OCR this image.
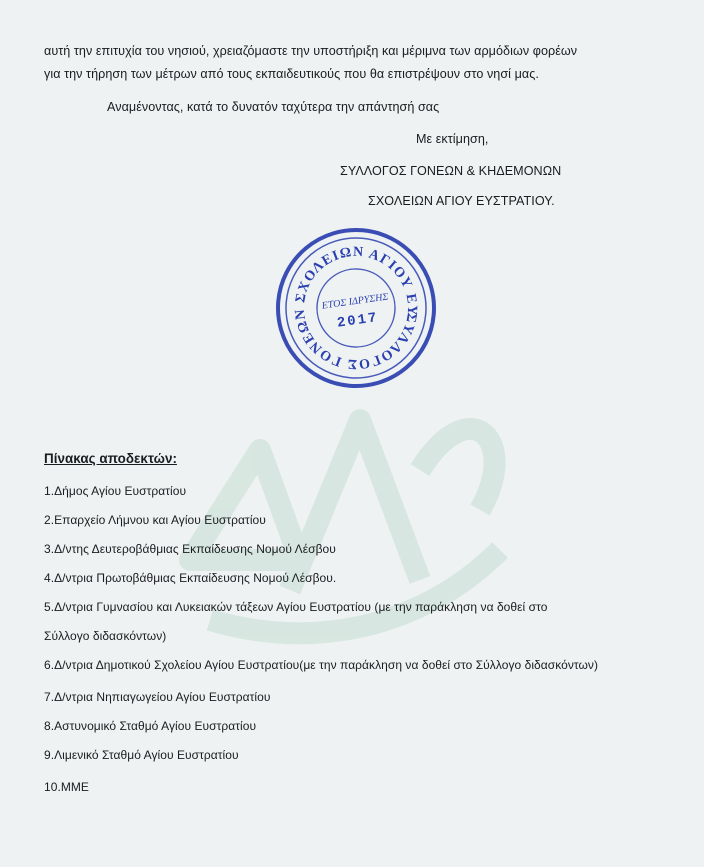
αυτή την επιτυχία του νησιού, χρειαζόμαστε την υποστήριξη και μέριμνα των αρμόδιων φορέων
για την τήρηση των μέτρων από τους εκπαιδευτικούς που θα επιστρέψουν στο νησί μας.
Αναμένοντας, κατά το δυνατόν ταχύτερα την απάντησή σας
Με εκτίμηση,
ΣΥΛΛΟΓΟΣ ΓΟΝΕΩΝ & ΚΗΔΕΜΟΝΩΝ
ΣΧΟΛΕΙΩΝ ΑΓΙΟΥ ΕΥΣΤΡΑΤΙΟΥ.
ΣΥΛΛΟΓΟΣ ΓΟΝΕΩΝ ΣΧΟΛΕΙΩΝ ΑΓΙΟΥ ΕΥΣΤΡΑΤΙΟΥ
ΕΤΟΣ ΙΔΡΥΣΗΣ
2017
Πίνακας αποδεκτών:
1.Δήμος Αγίου Ευστρατίου
2.Επαρχείο Λήμνου και Αγίου Ευστρατίου
3.Δ/ντης Δευτεροβάθμιας Εκπαίδευσης Νομού Λέσβου
4.Δ/ντρια Πρωτοβάθμιας Εκπαίδευσης Νομού Λέσβου.
5.Δ/ντρια Γυμνασίου και Λυκειακών τάξεων Αγίου Ευστρατίου (με την παράκληση να δοθεί στο
Σύλλογο διδασκόντων)
6.Δ/ντρια Δημοτικού Σχολείου Αγίου Ευστρατίου(με την παράκληση να δοθεί στο Σύλλογο διδασκόντων)
7.Δ/ντρια Νηπιαγωγείου Αγίου Ευστρατίου
8.Αστυνομικό Σταθμό Αγίου Ευστρατίου
9.Λιμενικό Σταθμό Αγίου Ευστρατίου
10.ΜΜΕ
